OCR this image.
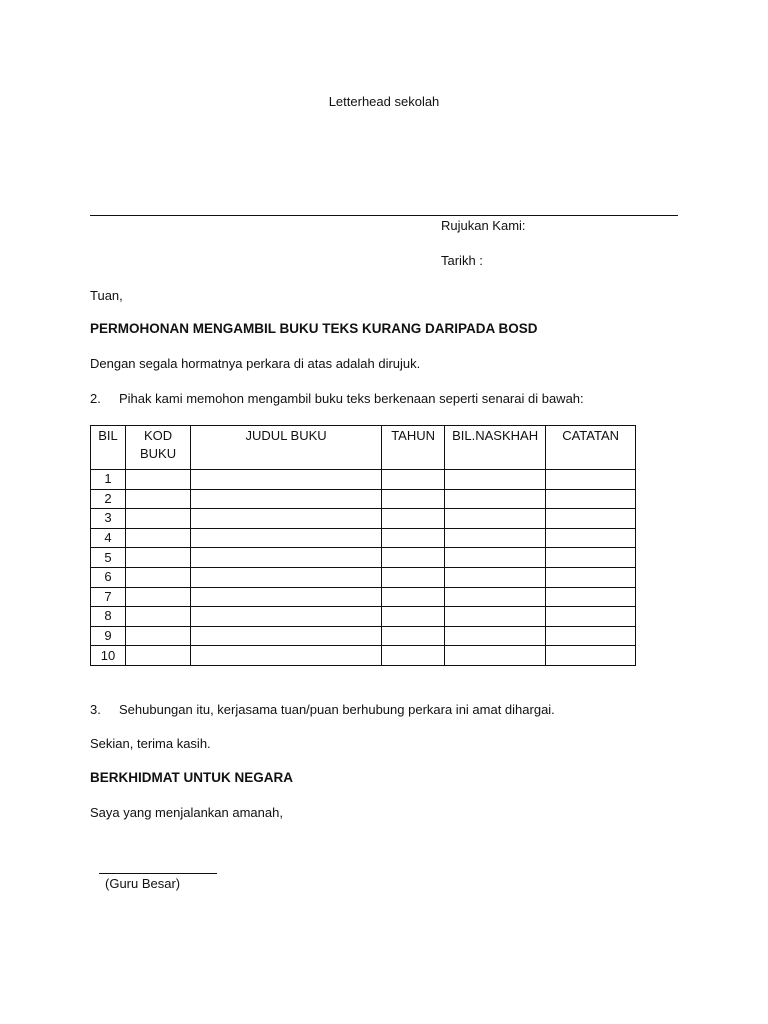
Letterhead sekolah
Rujukan Kami:
Tarikh :
Tuan,
PERMOHONAN MENGAMBIL BUKU TEKS KURANG DARIPADA BOSD
Dengan segala hormatnya perkara di atas adalah dirujuk.
2. Pihak kami memohon mengambil buku teks berkenaan seperti senarai di bawah:
BIL	KOD BUKU	JUDUL BUKU	TAHUN	BIL.NASKHAH	CATATAN
1					
2					
3					
4					
5					
6					
7					
8					
9					
10					
3. Sehubungan itu, kerjasama tuan/puan berhubung perkara ini amat dihargai.
Sekian, terima kasih.
BERKHIDMAT UNTUK NEGARA
Saya yang menjalankan amanah,
(Guru Besar)
